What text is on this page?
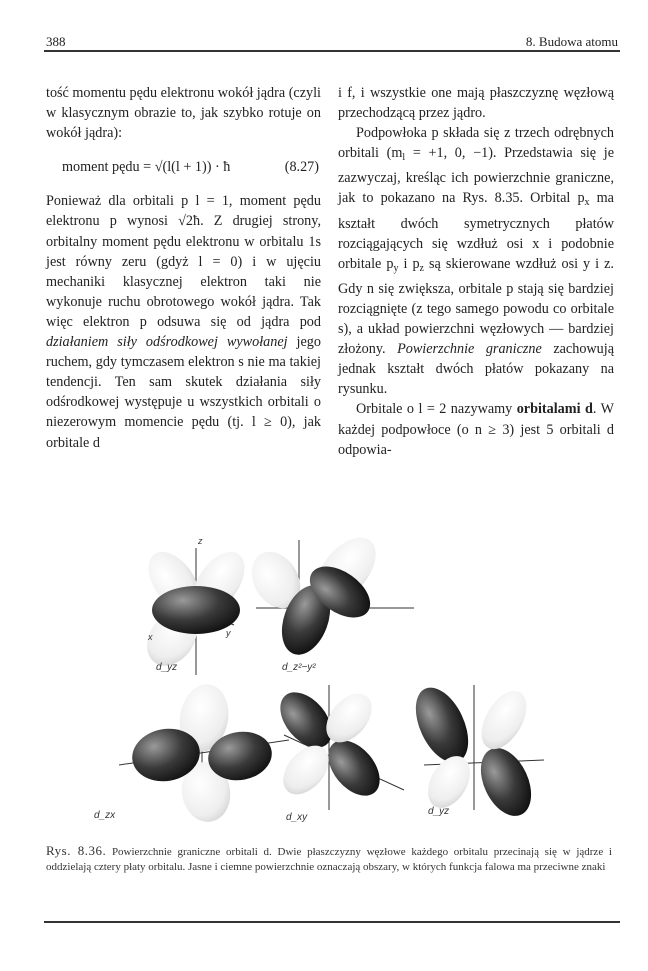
388	8. Budowa atomu

tość momentu pędu elektronu wokół jądra (czyli w klasycznym obrazie to, jak szybko rotuje on wokół jądra):

moment pędu = √(l(l + 1)) · ħ	(8.27)

Ponieważ dla orbitali p l = 1, moment pędu elektronu p wynosi √2ħ. Z drugiej strony, orbitalny moment pędu elektronu w orbitalu 1s jest równy zeru (gdyż l = 0) i w ujęciu mechaniki klasycznej elektron taki nie wykonuje ruchu obrotowego wokół jądra. Tak więc elektron p odsuwa się od jądra pod działaniem siły odśrodkowej wywołanej jego ruchem, gdy tymczasem elektron s nie ma takiej tendencji. Ten sam skutek działania siły odśrodkowej występuje u wszystkich orbitali o niezerowym momencie pędu (tj. l ≥ 0), jak orbitale d

i f, i wszystkie one mają płaszczyznę węzłową przechodzącą przez jądro.

Podpowłoka p składa się z trzech odrębnych orbitali ($m_l = +1$, 0, −1). Przedstawia się je zazwyczaj, kreśląc ich powierzchnie graniczne, jak to pokazano na Rys. 8.35. Orbital $p_x$ ma kształt dwóch symetrycznych płatów rozciągających się wzdłuż osi x i podobnie orbitale $p_y$ i $p_z$ są skierowane wzdłuż osi y i z. Gdy n się zwiększa, orbitale p stają się bardziej rozciągnięte (z tego samego powodu co orbitale s), a układ powierzchni węzłowych — bardziej złożony. Powierzchnie graniczne zachowują jednak kształt dwóch płatów pokazany na rysunku.

Orbitale o l = 2 nazywamy orbitalami d. W każdej podpowłoce (o n ≥ 3) jest 5 orbitali d odpowia-

z
x	y
d_yz	d_z²−y²
d_zx	d_xy
d_yz
Rys. 8.36. Powierzchnie graniczne orbitali d. Dwie płaszczyzny węzłowe każdego orbitalu przecinają się w jądrze i oddzielają cztery płaty orbitalu. Jasne i ciemne powierzchnie oznaczają obszary, w których funkcja falowa ma przeciwne znaki
